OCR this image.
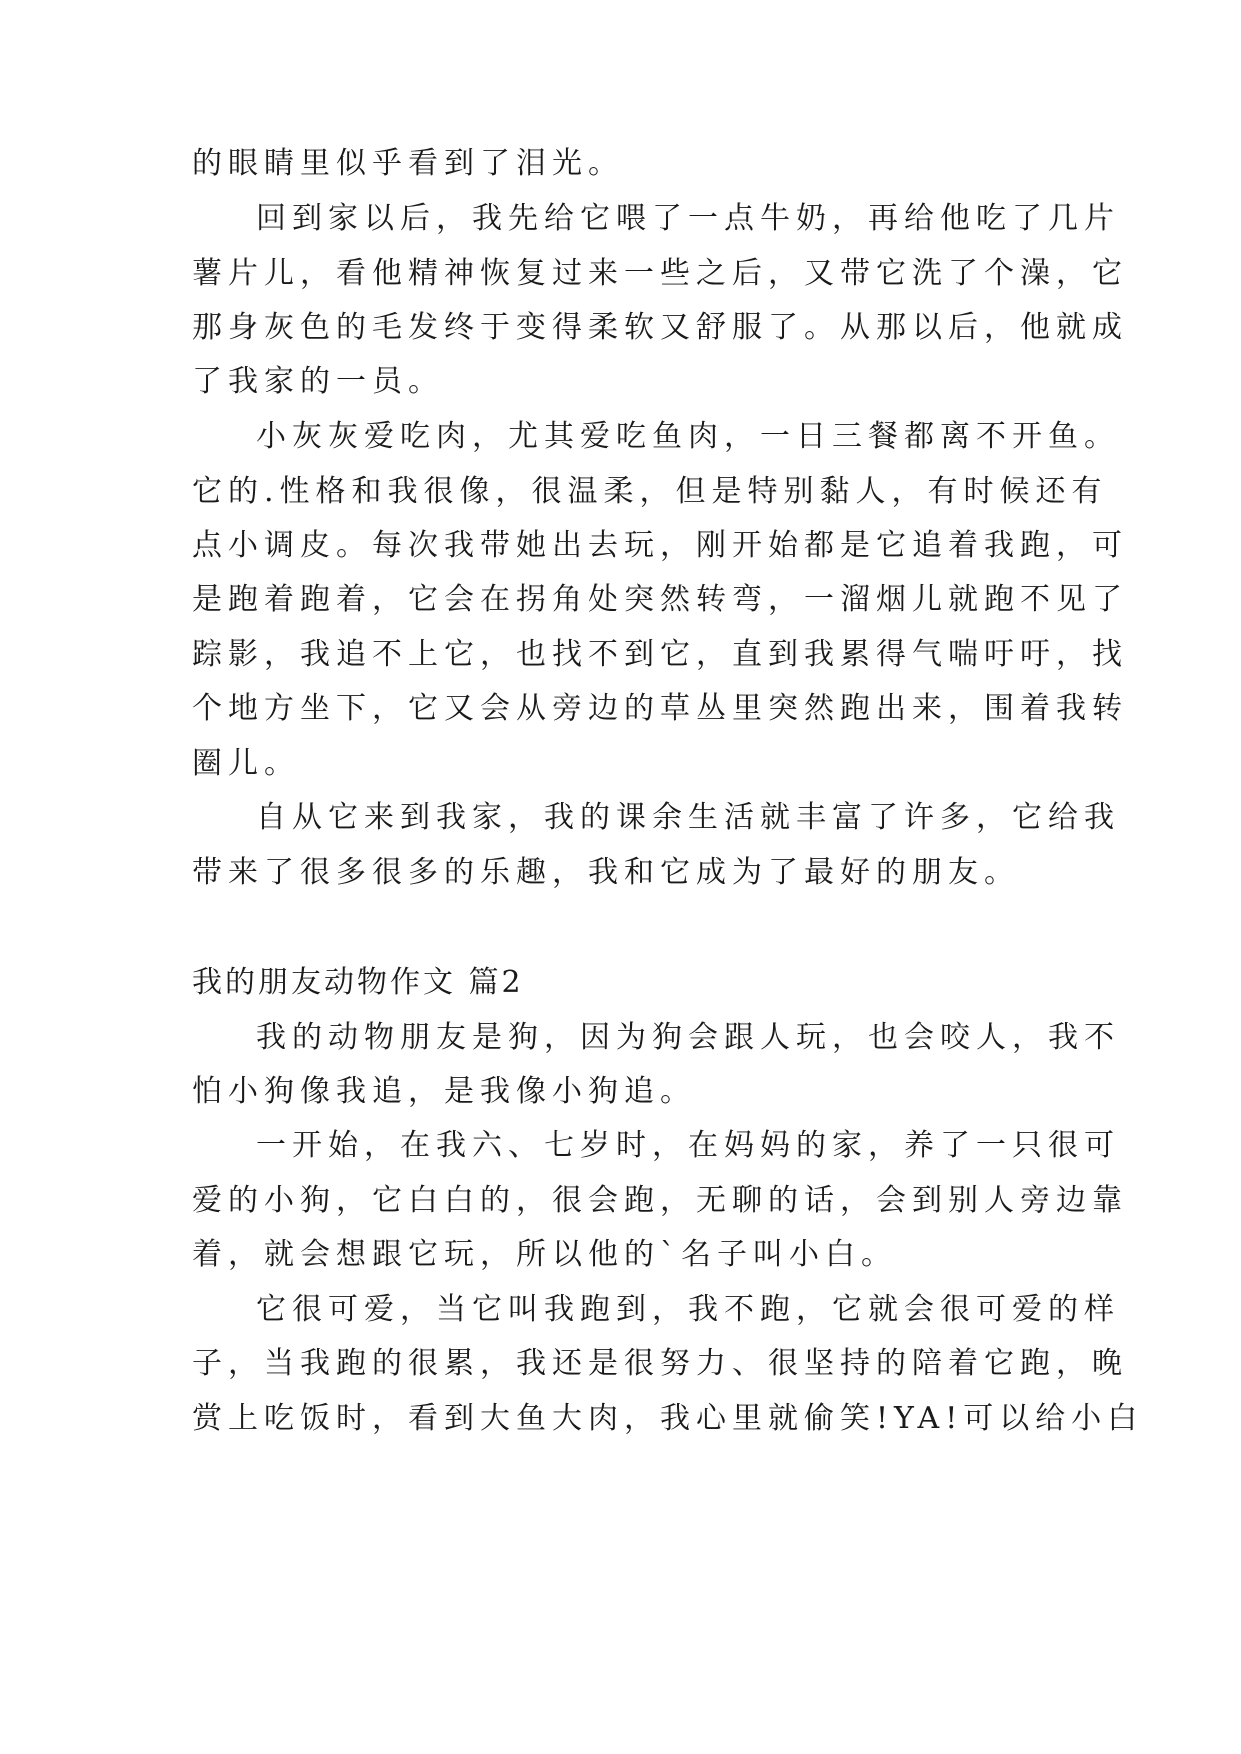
的眼睛里似乎看到了泪光。

回到家以后，我先给它喂了一点牛奶，再给他吃了几片

薯片儿，看他精神恢复过来一些之后，又带它洗了个澡，它

那身灰色的毛发终于变得柔软又舒服了。从那以后，他就成

了我家的一员。

小灰灰爱吃肉，尤其爱吃鱼肉，一日三餐都离不开鱼。

它的.性格和我很像，很温柔，但是特别黏人，有时候还有

点小调皮。每次我带她出去玩，刚开始都是它追着我跑，可

是跑着跑着，它会在拐角处突然转弯，一溜烟儿就跑不见了

踪影，我追不上它，也找不到它，直到我累得气喘吁吁，找

个地方坐下，它又会从旁边的草丛里突然跑出来，围着我转

圈儿。

自从它来到我家，我的课余生活就丰富了许多，它给我

带来了很多很多的乐趣，我和它成为了最好的朋友。

我的朋友动物作文 篇2

我的动物朋友是狗，因为狗会跟人玩，也会咬人，我不

怕小狗像我追，是我像小狗追。

一开始，在我六、七岁时，在妈妈的家，养了一只很可

爱的小狗，它白白的，很会跑，无聊的话，会到别人旁边靠

着，就会想跟它玩，所以他的`名子叫小白。

它很可爱，当它叫我跑到，我不跑，它就会很可爱的样

子，当我跑的很累，我还是很努力、很坚持的陪着它跑，晚

赏上吃饭时，看到大鱼大肉，我心里就偷笑!YA!可以给小白
